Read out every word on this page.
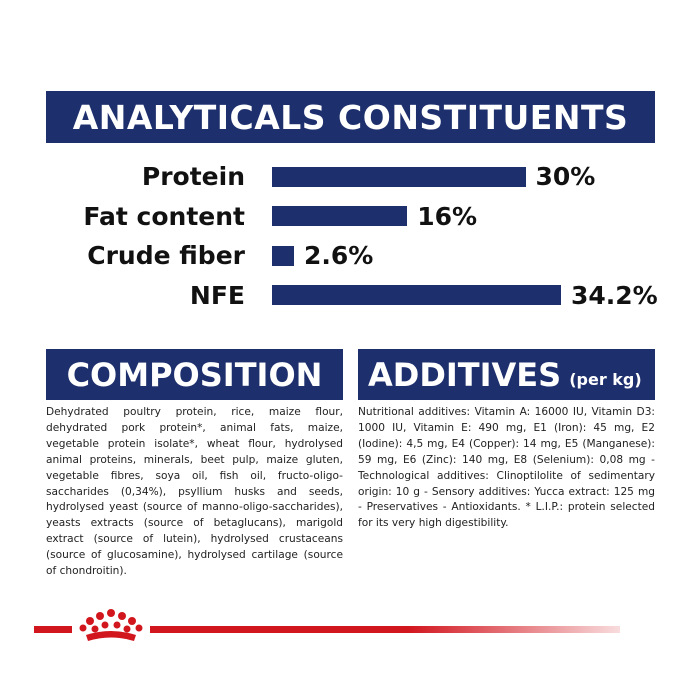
ANALYTICALS CONSTITUENTS
Protein	30%
Fat content	16%
Crude fiber 2.6%
NFE	34.2%
COMPOSITION	ADDITIVES (per kg)
Dehydrated poultry protein, rice, maize flour, dehydrated pork protein*, animal fats, maize, vegetable protein isolate*, wheat flour, hydrolysed animal proteins, minerals, beet pulp, maize gluten, vegetable fibres, soya oil, fish oil, fructo-oligo-saccharides (0,34%), psyllium husks and seeds, hydrolysed yeast (source of manno-oligo-saccharides), yeasts extracts (source of betaglucans), marigold extract (source of lutein), hydrolysed crustaceans (source of glucosamine), hydrolysed cartilage (source of chondroitin).
Nutritional additives: Vitamin A: 16000 IU, Vitamin D3: 1000 IU, Vitamin E: 490 mg, E1 (Iron): 45 mg, E2 (Iodine): 4,5 mg, E4 (Copper): 14 mg, E5 (Manganese): 59 mg, E6 (Zinc): 140 mg, E8 (Selenium): 0,08 mg - Technological additives: Clinoptilolite of sedimentary origin: 10 g - Sensory additives: Yucca extract: 125 mg - Preservatives - Antioxidants. * L.I.P.: protein selected for its very high digestibility.
